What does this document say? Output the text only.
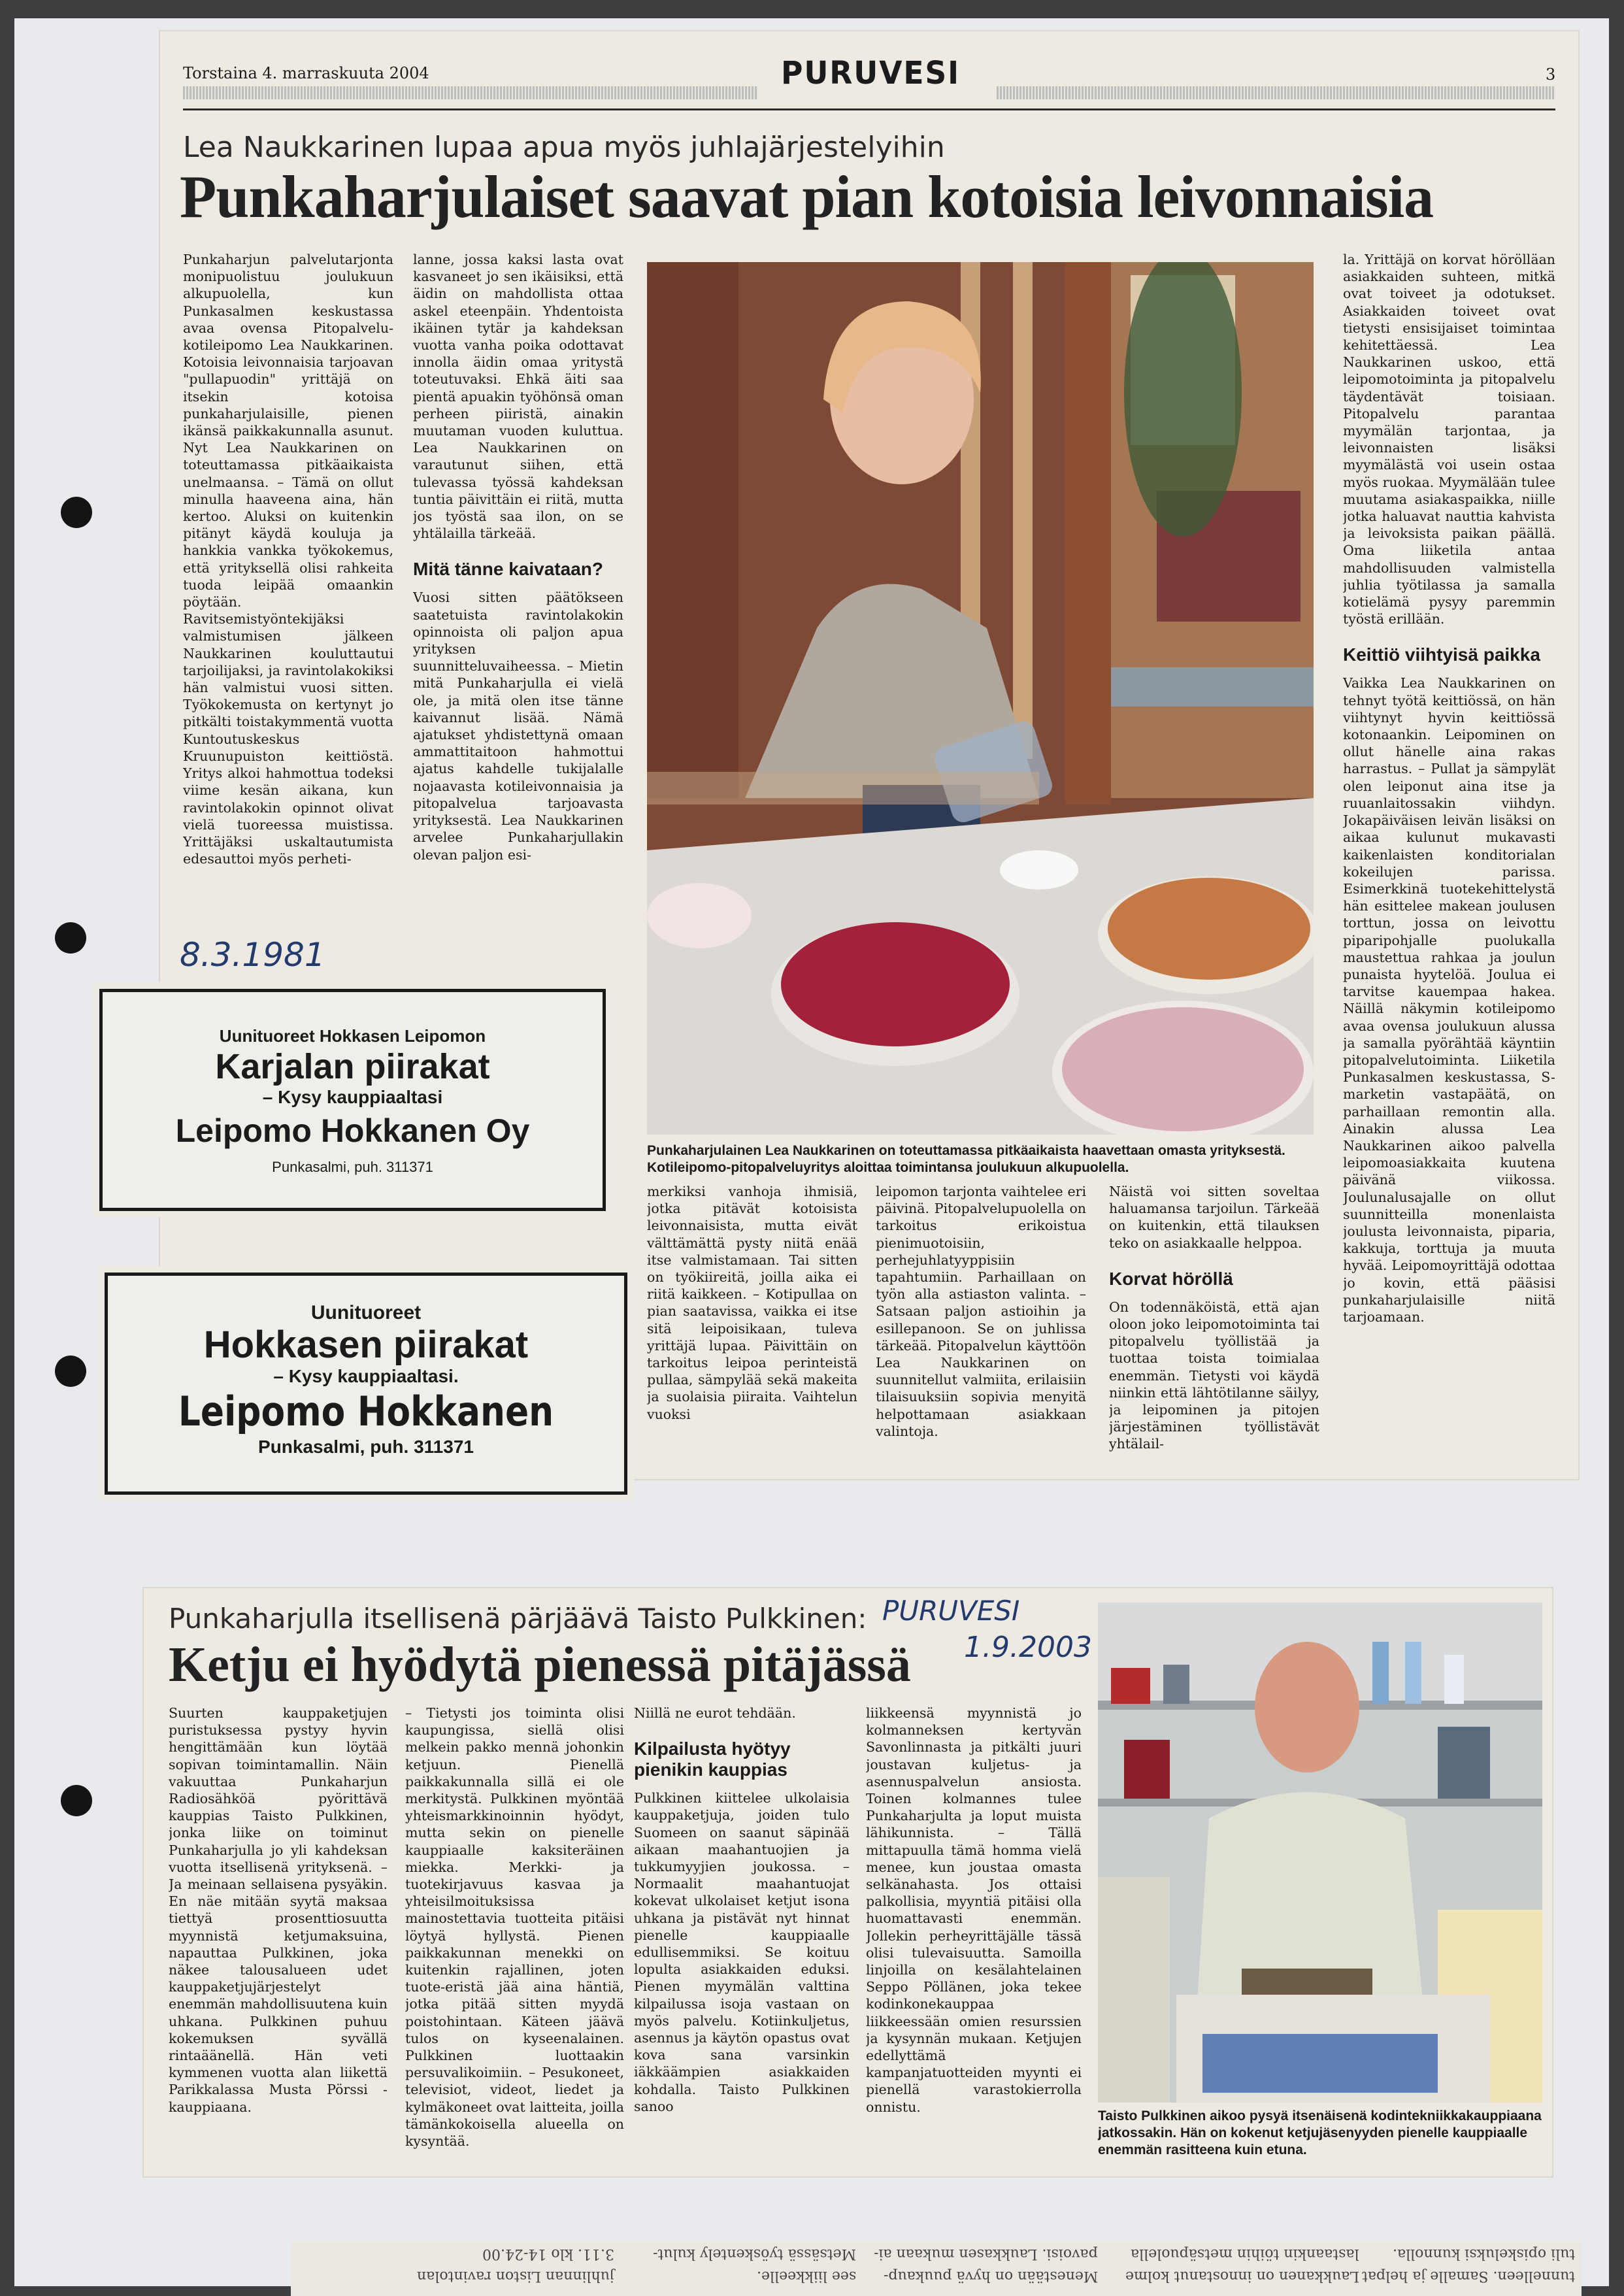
Torstaina 4. marraskuuta 2004	PURUVESI	3
Lea Naukkarinen lupaa apua myös juhlajärjestelyihin
Punkaharjulaiset saavat pian kotoisia leivonnaisia

Punkaharjun palvelutarjonta monipuolistuu joulukuun alkupuolella, kun Punkasalmen keskustassa avaa ovensa Pitopalvelu-kotileipomo Lea Naukkarinen. Kotoisia leivonnaisia tarjoavan "pullapuodin" yrittäjä on itsekin kotoisa punkaharjulaisille, pienen ikänsä paikkakunnalla asunut. Nyt Lea Naukkarinen on toteuttamassa pitkäaikaista unelmaansa. – Tämä on ollut minulla haaveena aina, hän kertoo. Aluksi on kuitenkin pitänyt käydä kouluja ja hankkia vankka työkokemus, että yrityksellä olisi rahkeita tuoda leipää omaankin pöytään. Ravitsemistyöntekijäksi valmistumisen jälkeen Naukkarinen kouluttautui tarjoilijaksi, ja ravintolakokiksi hän valmistui vuosi sitten. Työkokemusta on kertynyt jo pitkälti toistakymmentä vuotta Kuntoutuskeskus Kruunupuiston keittiöstä. Yritys alkoi hahmottua todeksi viime kesän aikana, kun ravintolakokin opinnot olivat vielä tuoreessa muistissa. Yrittäjäksi uskaltautumista edesauttoi myös perheti-

lanne, jossa kaksi lasta ovat kasvaneet jo sen ikäisiksi, että äidin on mahdollista ottaa askel eteenpäin. Yhdentoista ikäinen tytär ja kahdeksan vuotta vanha poika odottavat innolla äidin omaa yritystä toteutuvaksi. Ehkä äiti saa pientä apuakin työhönsä oman perheen piiristä, ainakin muutaman vuoden kuluttua. Lea Naukkarinen on varautunut siihen, että tulevassa työssä kahdeksan tuntia päivittäin ei riitä, mutta jos työstä saa ilon, on se yhtälailla tärkeää.

Mitä tänne kaivataan?

Vuosi sitten päätökseen saatetuista ravintolakokin opinnoista oli paljon apua yrityksen suunnitteluvaiheessa. – Mietin mitä Punkaharjulla ei vielä ole, ja mitä olen itse tänne kaivannut lisää. Nämä ajatukset yhdistettynä omaan ammattitaitoon hahmottui ajatus kahdelle tukijalalle nojaavasta kotileivonnaisia ja pitopalvelua tarjoavasta yrityksestä. Lea Naukkarinen arvelee Punkaharjullakin olevan paljon esi-

Punkaharjulainen Lea Naukkarinen on toteuttamassa pitkäaikaista haavettaan omasta yrityksestä. Kotileipomo-pitopalveluyritys aloittaa toimintansa joulukuun alkupuolella.

la. Yrittäjä on korvat hörölläan asiakkaiden suhteen, mitkä ovat toiveet ja odotukset. Asiakkaiden toiveet ovat tietysti ensisijaiset toimintaa kehitettäessä. Lea Naukkarinen uskoo, että leipomotoiminta ja pitopalvelu täydentävät toisiaan. Pitopalvelu parantaa myymälän tarjontaa, ja leivonnaisten lisäksi myymälästä voi usein ostaa myös ruokaa. Myymälään tulee muutama asiakaspaikka, niille jotka haluavat nauttia kahvista ja leivoksista paikan päällä. Oma liiketila antaa mahdollisuuden valmistella juhlia työtilassa ja samalla kotielämä pysyy paremmin työstä erillään.

Keittiö viihtyisä paikka

Vaikka Lea Naukkarinen on tehnyt työtä keittiössä, on hän viihtynyt hyvin keittiössä kotonaankin. Leipominen on ollut hänelle aina rakas harrastus. – Pullat ja sämpylät olen leiponut aina itse ja ruuanlaitossakin viihdyn. Jokapäiväisen leivän lisäksi on aikaa kulunut mukavasti kaikenlaisten konditorialan kokeilujen parissa. Esimerkkinä tuotekehittelystä hän esittelee makean joulusen torttun, jossa on leivottu piparipohjalle puolukalla maustettua rahkaa ja joulun punaista hyytelöä. Joulua ei tarvitse kauempaa hakea. Näillä näkymin kotileipomo avaa ovensa joulukuun alussa ja samalla pyörähtää käyntiin pitopalvelutoiminta. Liiketila Punkasalmen keskustassa, S-marketin vastapäätä, on parhaillaan remontin alla. Ainakin alussa Lea Naukkarinen aikoo palvella leipomoasiakkaita kuutena päivänä viikossa. Joulunalusajalle on ollut suunnitteilla monenlaista joulusta leivonnaista, piparia, kakkuja, torttuja ja muuta hyvää. Leipomoyrittäjä odottaa jo kovin, että pääsisi punkaharjulaisille niitä tarjoamaan.

merkiksi vanhoja ihmisiä, jotka pitävät kotoisista leivonnaisista, mutta eivät välttämättä pysty niitä enää itse valmistamaan. Tai sitten on työkiireitä, joilla aika ei riitä kaikkeen. – Kotipullaa on pian saatavissa, vaikka ei itse sitä leipoisikaan, tuleva yrittäjä lupaa. Päivittäin on tarkoitus leipoa perinteistä pullaa, sämpylää sekä makeita ja suolaisia piiraita. Vaihtelun vuoksi

leipomon tarjonta vaihtelee eri päivinä. Pitopalvelupuolella on tarkoitus erikoistua pienimuotoisiin, perhejuhlatyyppisiin tapahtumiin. Parhaillaan on työn alla astiaston valinta. – Satsaan paljon astioihin ja esillepanoon. Se on juhlissa tärkeää. Pitopalvelun käyttöön Lea Naukkarinen on suunnitellut valmiita, erilaisiin tilaisuuksiin sopivia menyitä helpottamaan asiakkaan valintoja.

Näistä voi sitten soveltaa haluamansa tarjoilun. Tärkeää on kuitenkin, että tilauksen teko on asiakkaalle helppoa.

Korvat höröllä

On todennäköistä, että ajan oloon joko leipomotoiminta tai pitopalvelu työllistää ja tuottaa toista toimialaa enemmän. Tietysti voi käydä niinkin että lähtötilanne säilyy, ja leipominen ja pitojen järjestäminen työllistävät yhtälail-

8.3.1981
Uunituoreet Hokkasen Leipomon
Karjalan piirakat
– Kysy kauppiaaltasi
Leipomo Hokkanen Oy
Punkasalmi, puh. 311371
Uunituoreet
Hokkasen piirakat
– Kysy kauppiaaltasi.
Leipomo Hokkanen
Punkasalmi, puh. 311371
Punkaharjulla itsellisenä pärjäävä Taisto Pulkkinen:
Ketju ei hyödytä pienessä pitäjässä

Suurten kauppaketjujen puristuksessa pystyy hyvin hengittämään kun löytää sopivan toimintamallin. Näin vakuuttaa Punkaharjun Radiosähköä pyörittävä kauppias Taisto Pulkkinen, jonka liike on toiminut Punkaharjulla jo yli kahdeksan vuotta itsellisenä yrityksenä. – Ja meinaan sellaisena pysyäkin. En näe mitään syytä maksaa tiettyä prosenttiosuutta myynnistä ketjumaksuina, napauttaa Pulkkinen, joka näkee talousalueen udet kauppaketjujärjestelyt enemmän mahdollisuutena kuin uhkana. Pulkkinen puhuu kokemuksen syvällä rintaäänellä. Hän veti kymmenen vuotta alan liikettä Parikkalassa Musta Pörssi -kauppiaana.

– Tietysti jos toiminta olisi kaupungissa, siellä olisi melkein pakko mennä johonkin ketjuun. Pienellä paikkakunnalla sillä ei ole merkitystä. Pulkkinen myöntää yhteismarkkinoinnin hyödyt, mutta sekin on pienelle kauppiaalle kaksiteräinen miekka. Merkki- ja tuotekirjavuus kasvaa ja yhteisilmoituksissa mainostettavia tuotteita pitäisi löytyä hyllystä. Pienen paikkakunnan menekki on kuitenkin rajallinen, joten tuote-eristä jää aina häntiä, jotka pitää sitten myydä poistohintaan. Käteen jäävä tulos on kyseenalainen. Pulkkinen luottaakin persuvalikoimiin. – Pesukoneet, televisiot, videot, liedet ja kylmäkoneet ovat laitteita, joilla tämänkokoisella alueella on kysyntää.

Niillä ne eurot tehdään.

Kilpailusta hyötyy pienikin kauppias

Pulkkinen kiittelee ulkolaisia kauppaketjuja, joiden tulo Suomeen on saanut säpinää aikaan maahantuojien ja tukkumyyjien joukossa. – Normaalit maahantuojat kokevat ulkolaiset ketjut isona uhkana ja pistävät nyt hinnat pienelle kauppiaalle edullisemmiksi. Se koituu lopulta asiakkaiden eduksi. Pienen myymälän valttina kilpailussa isoja vastaan on myös palvelu. Kotiinkuljetus, asennus ja käytön opastus ovat kova sana varsinkin iäkkäämpien asiakkaiden kohdalla. Taisto Pulkkinen sanoo

liikkeensä myynnistä jo kolmanneksen kertyvän Savonlinnasta ja pitkälti juuri joustavan kuljetus- ja asennuspalvelun ansiosta. Toinen kolmannes tulee Punkaharjulta ja loput muista lähikunnista. – Tällä mittapuulla tämä homma vielä menee, kun joustaa omasta selkänahasta. Jos ottaisi palkollisia, myyntiä pitäisi olla huomattavasti enemmän. Jollekin perheyrittäjälle tässä olisi tulevaisuutta. Samoilla linjoilla on kesälahtelainen Seppo Pöllänen, joka tekee kodinkonekauppaa liikkeessään omien resurssien ja kysynnän mukaan. Ketjujen edellyttämä kampanjatuotteiden myynti ei pienellä varastokierrolla onnistu.

Taisto Pulkkinen aikoo pysyä itsenäisenä kodintekniikkakauppiaana jatkossakin. Hän on kokenut ketjujäsenyyden pienelle kauppiaalle enemmän rasitteena kuin etuna.
PURUVESI
1.9.2003
tuli opiskeluksi kunnolla.
tunnelleen. Samalle ja helpat
lastaankin töihin metsäpuolella
Laukkanen on innostanut kolme
pavoisi. Laukkasen mukaan ai-
Menestään on hyvä puukaup-
Metsässä työskentely kulut-
see liikkeelle.
3.11. klo 14-24.00
juhlinnan Liston ravintolan
